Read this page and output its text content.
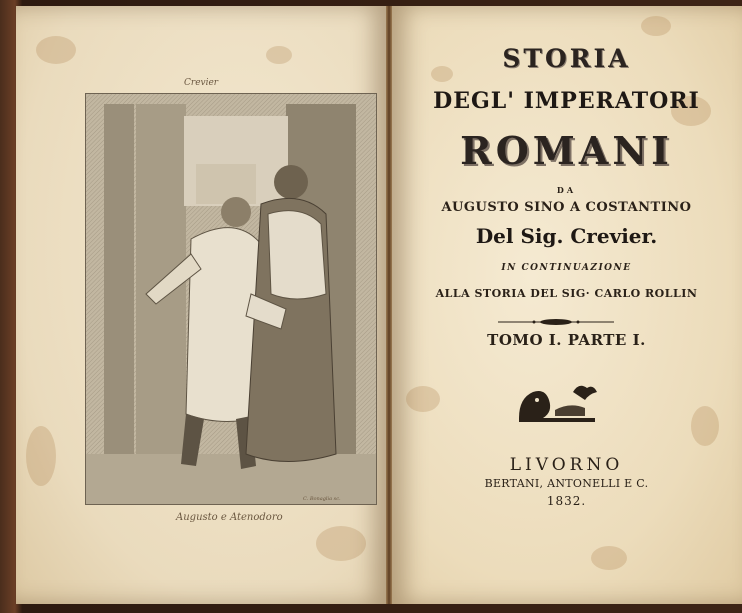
Crevier
C. Bonaglia sc.
Augusto e Atenodoro
STORIA
DEGL' IMPERATORI
ROMANI
DA
AUGUSTO SINO A COSTANTINO
Del Sig. Crevier.
IN CONTINUAZIONE
ALLA STORIA DEL SIG· CARLO ROLLIN
TOMO I. PARTE I.
LIVORNO
BERTANI, ANTONELLI E C.
1832.
